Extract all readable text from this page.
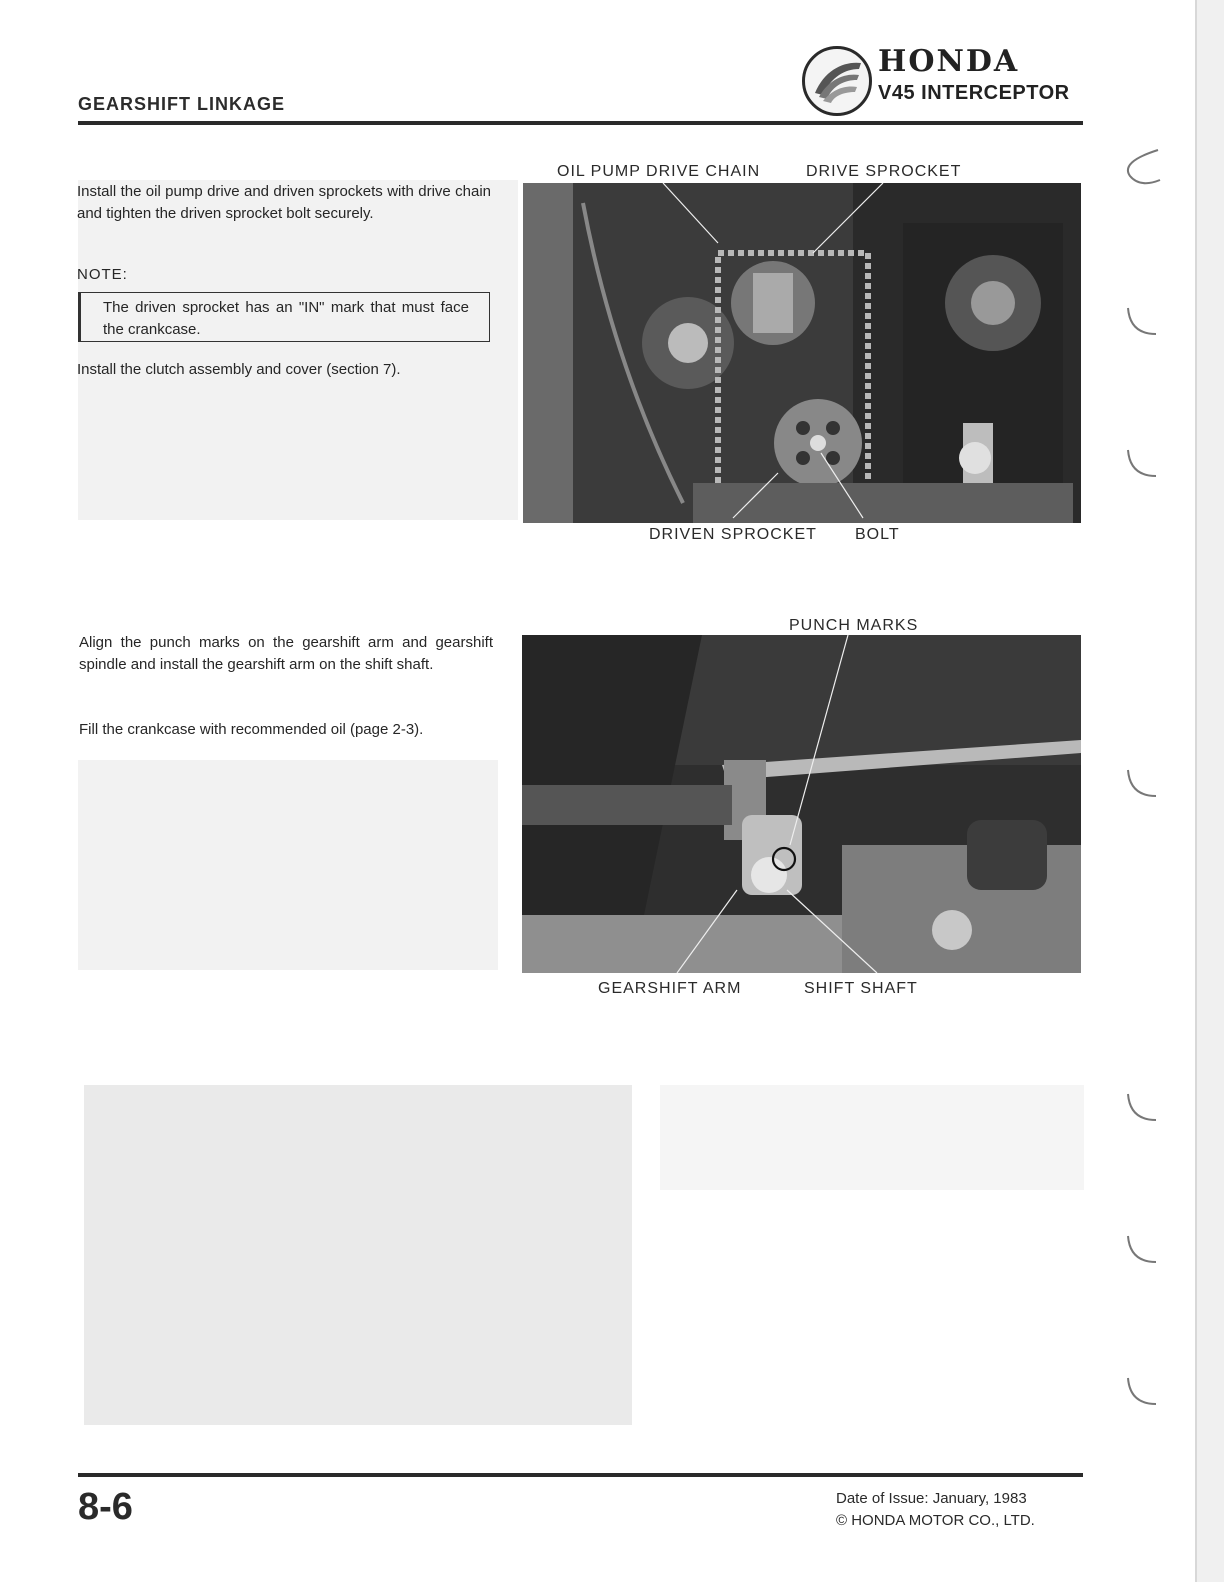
GEARSHIFT LINKAGE
HONDA
V45 INTERCEPTOR
Install the oil pump drive and driven sprockets with drive chain and tighten the driven sprocket bolt securely.
NOTE:
The driven sprocket has an "IN" mark that must face the crankcase.
Install the clutch assembly and cover (section 7).
OIL PUMP DRIVE CHAIN	DRIVE SPROCKET
DRIVEN SPROCKET BOLT
Align the punch marks on the gearshift arm and gearshift spindle and install the gearshift arm on the shift shaft.
Fill the crankcase with recommended oil (page 2-3).
PUNCH MARKS
GEARSHIFT ARM	SHIFT SHAFT
8-6	Date of Issue: January, 1983
© HONDA MOTOR CO., LTD.
